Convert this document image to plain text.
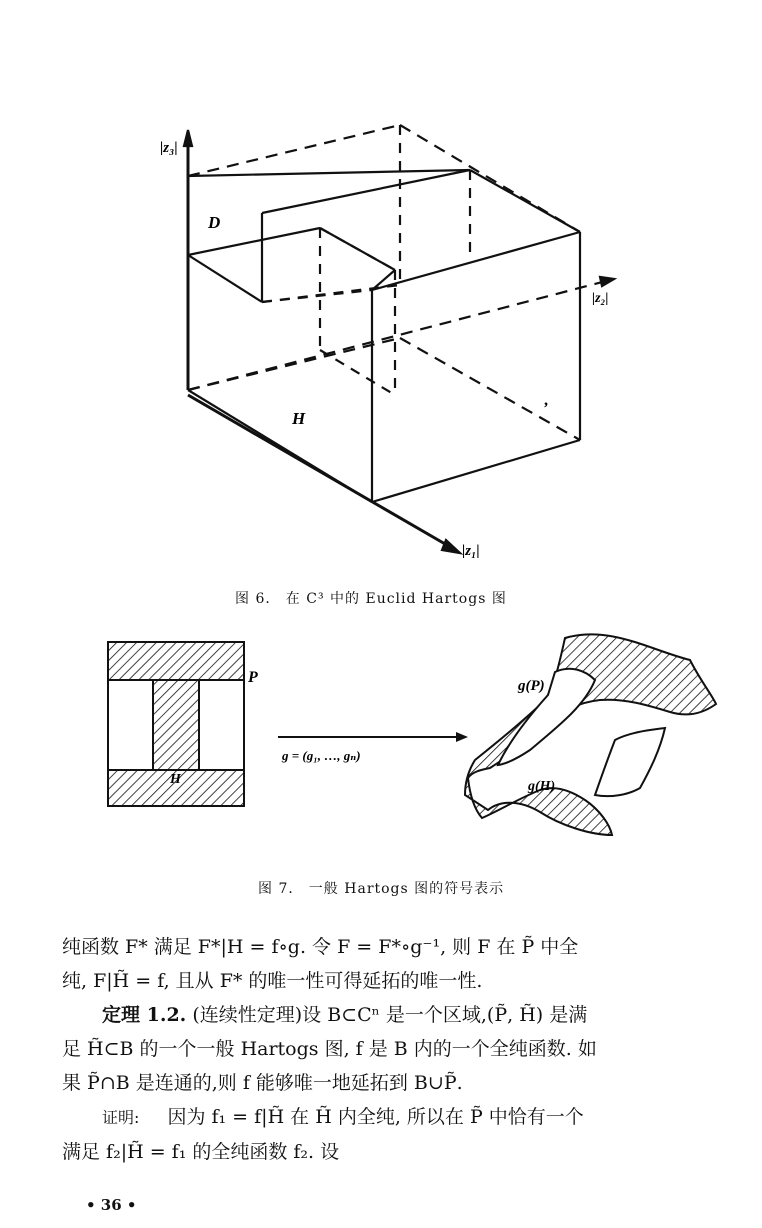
|z₃|
|z₂|
|z₁|
D
H
,
图 6． 在 C³ 中的 Euclid Hartogs 图
P
H
g = (g₁, …, gₙ)
g(P)
g(H)
图 7． 一般 Hartogs 图的符号表示
纯函数 F* 满足 F*|H = f∘g. 令 F = F*∘g⁻¹, 则 F 在 P̃ 中全
纯, F|H̃ = f, 且从 F* 的唯一性可得延拓的唯一性.
定理 1.2. (连续性定理)设 B⊂Cⁿ 是一个区域,(P̃, H̃) 是满
足 H̃⊂B 的一个一般 Hartogs 图, f 是 B 内的一个全纯函数. 如
果 P̃∩B 是连通的,则 f 能够唯一地延拓到 B∪P̃.
证明: 因为 f₁ = f|H̃ 在 H̃ 内全纯, 所以在 P̃ 中恰有一个
满足 f₂|H̃ = f₁ 的全纯函数 f₂. 设
• 36 •
